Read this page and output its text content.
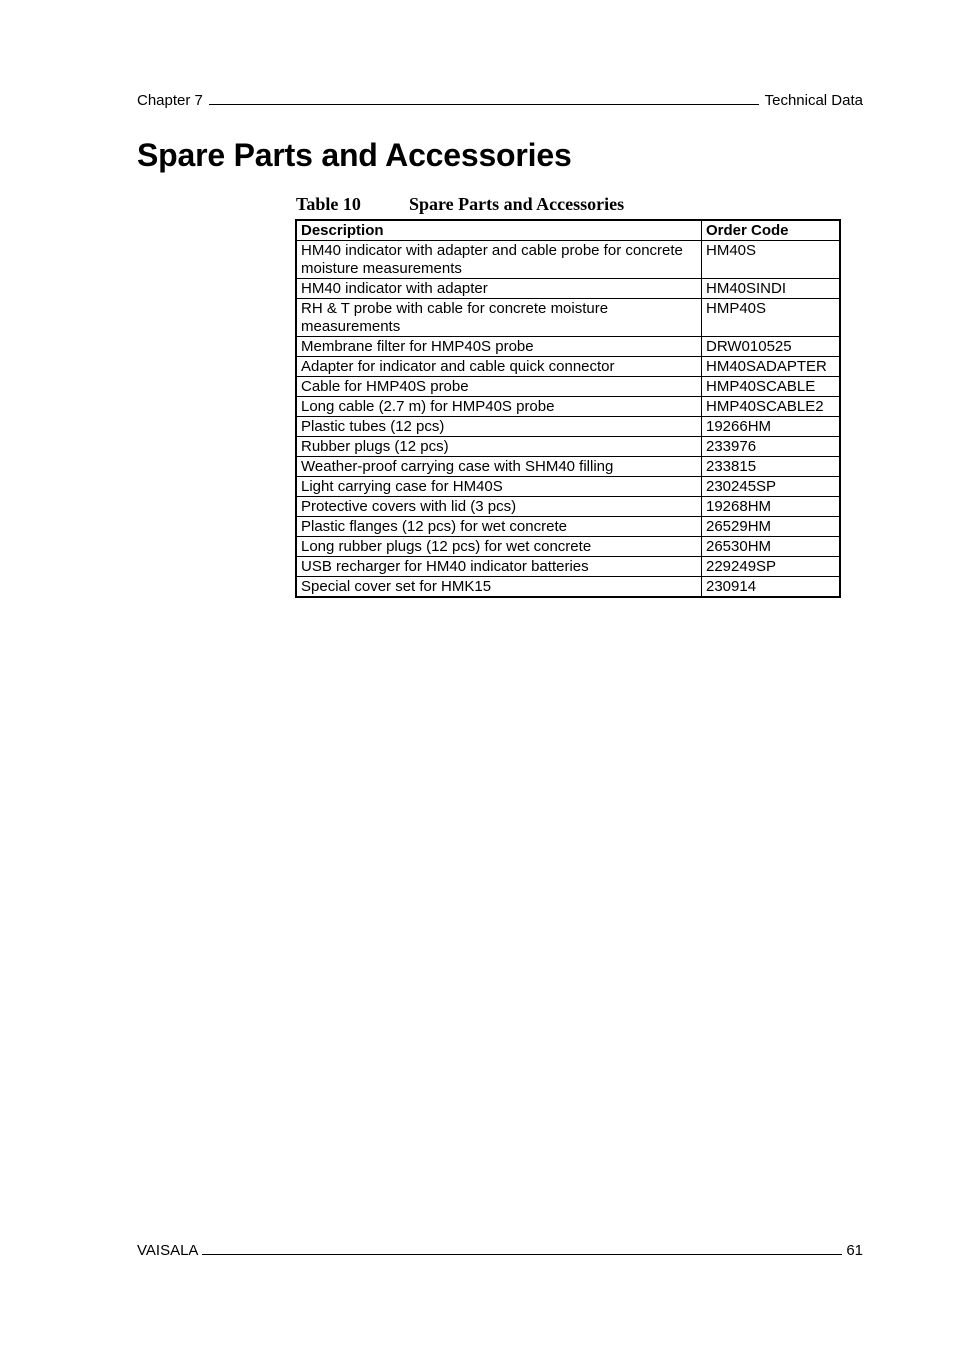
Chapter 7	Technical Data
Spare Parts and Accessories
Table 10	Spare Parts and Accessories
Description	Order Code
HM40 indicator with adapter and cable probe for concrete moisture measurements	HM40S
HM40 indicator with adapter	HM40SINDI
RH & T probe with cable for concrete moisture measurements	HMP40S
Membrane filter for HMP40S probe	DRW010525
Adapter for indicator and cable quick connector	HM40SADAPTER
Cable for HMP40S probe	HMP40SCABLE
Long cable (2.7 m) for HMP40S probe	HMP40SCABLE2
Plastic tubes (12 pcs)	19266HM
Rubber plugs (12 pcs)	233976
Weather-proof carrying case with SHM40 filling	233815
Light carrying case for HM40S	230245SP
Protective covers with lid (3 pcs)	19268HM
Plastic flanges (12 pcs) for wet concrete	26529HM
Long rubber plugs (12 pcs) for wet concrete	26530HM
USB recharger for HM40 indicator batteries	229249SP
Special cover set for HMK15	230914
VAISALA	61
